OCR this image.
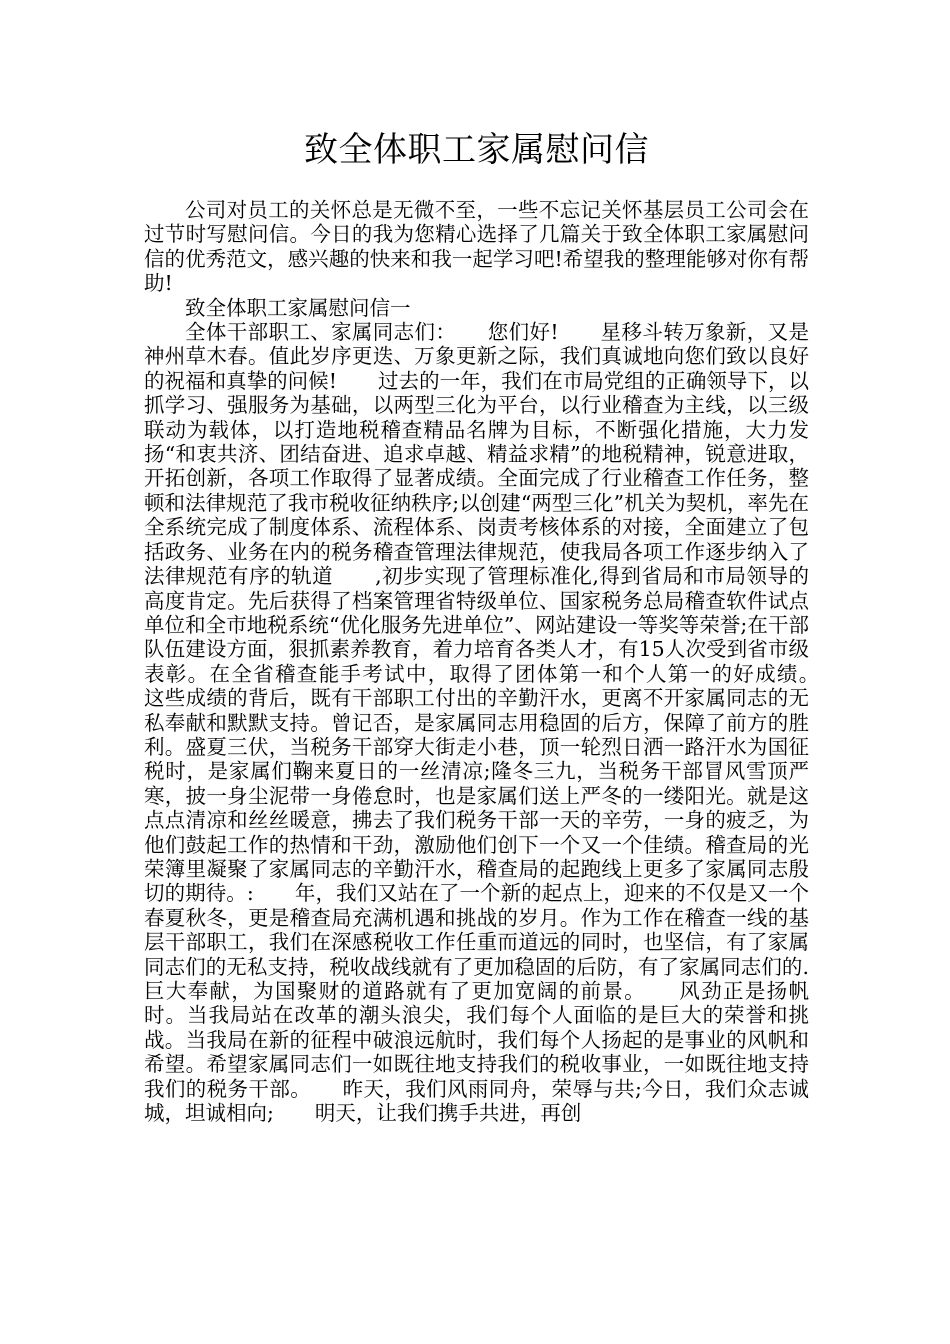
致全体职工家属慰问信

公司对员工的关怀总是无微不至，一些不忘记关怀基层员工公司会在过节时写慰问信。今日的我为您精心选择了几篇关于致全体职工家属慰问信的优秀范文，感兴趣的快来和我一起学习吧!希望我的整理能够对你有帮助!

致全体职工家属慰问信一

全体干部职工、家属同志们：　　您们好!　　星移斗转万象新，又是神州草木春。值此岁序更迭、万象更新之际，我们真诚地向您们致以良好的祝福和真挚的问候!　　过去的一年，我们在市局党组的正确领导下，以抓学习、强服务为基础，以两型三化为平台，以行业稽查为主线，以三级联动为载体，以打造地税稽查精品名牌为目标，不断强化措施，大力发扬“和衷共济、团结奋进、追求卓越、精益求精”的地税精神，锐意进取，开拓创新，各项工作取得了显著成绩。全面完成了行业稽查工作任务，整顿和法律规范了我市税收征纳秩序;以创建“两型三化”机关为契机，率先在全系统完成了制度体系、流程体系、岗责考核体系的对接，全面建立了包括政务、业务在内的税务稽查管理法律规范，使我局各项工作逐步纳入了法律规范有序的轨道　　,初步实现了管理标准化,得到省局和市局领导的高度肯定。先后获得了档案管理省特级单位、国家税务总局稽查软件试点单位和全市地税系统“优化服务先进单位”、网站建设一等奖等荣誉;在干部队伍建设方面，狠抓素养教育，着力培育各类人才，有15人次受到省市级表彰。在全省稽查能手考试中，取得了团体第一和个人第一的好成绩。　　这些成绩的背后，既有干部职工付出的辛勤汗水，更离不开家属同志的无私奉献和默默支持。曾记否，是家属同志用稳固的后方，保障了前方的胜利。盛夏三伏，当税务干部穿大街走小巷，顶一轮烈日洒一路汗水为国征税时，是家属们鞠来夏日的一丝清凉;隆冬三九，当税务干部冒风雪顶严寒，披一身尘泥带一身倦怠时，也是家属们送上严冬的一缕阳光。就是这点点清凉和丝丝暖意，拂去了我们税务干部一天的辛劳，一身的疲乏，为他们鼓起工作的热情和干劲，激励他们创下一个又一个佳绩。稽查局的光荣簿里凝聚了家属同志的辛勤汗水，稽查局的起跑线上更多了家属同志殷切的期待。:　　年，我们又站在了一个新的起点上，迎来的不仅是又一个春夏秋冬，更是稽查局充满机遇和挑战的岁月。作为工作在稽查一线的基层干部职工，我们在深感税收工作任重而道远的同时，也坚信，有了家属同志们的无私支持，税收战线就有了更加稳固的后防，有了家属同志们的.巨大奉献，为国聚财的道路就有了更加宽阔的前景。　　风劲正是扬帆时。当我局站在改革的潮头浪尖，我们每个人面临的是巨大的荣誉和挑战。当我局在新的征程中破浪远航时，我们每个人扬起的是事业的风帆和希望。希望家属同志们一如既往地支持我们的税收事业，一如既往地支持我们的税务干部。　　昨天，我们风雨同舟，荣辱与共;今日，我们众志诚城，坦诚相向;　　明天，让我们携手共进，再创
